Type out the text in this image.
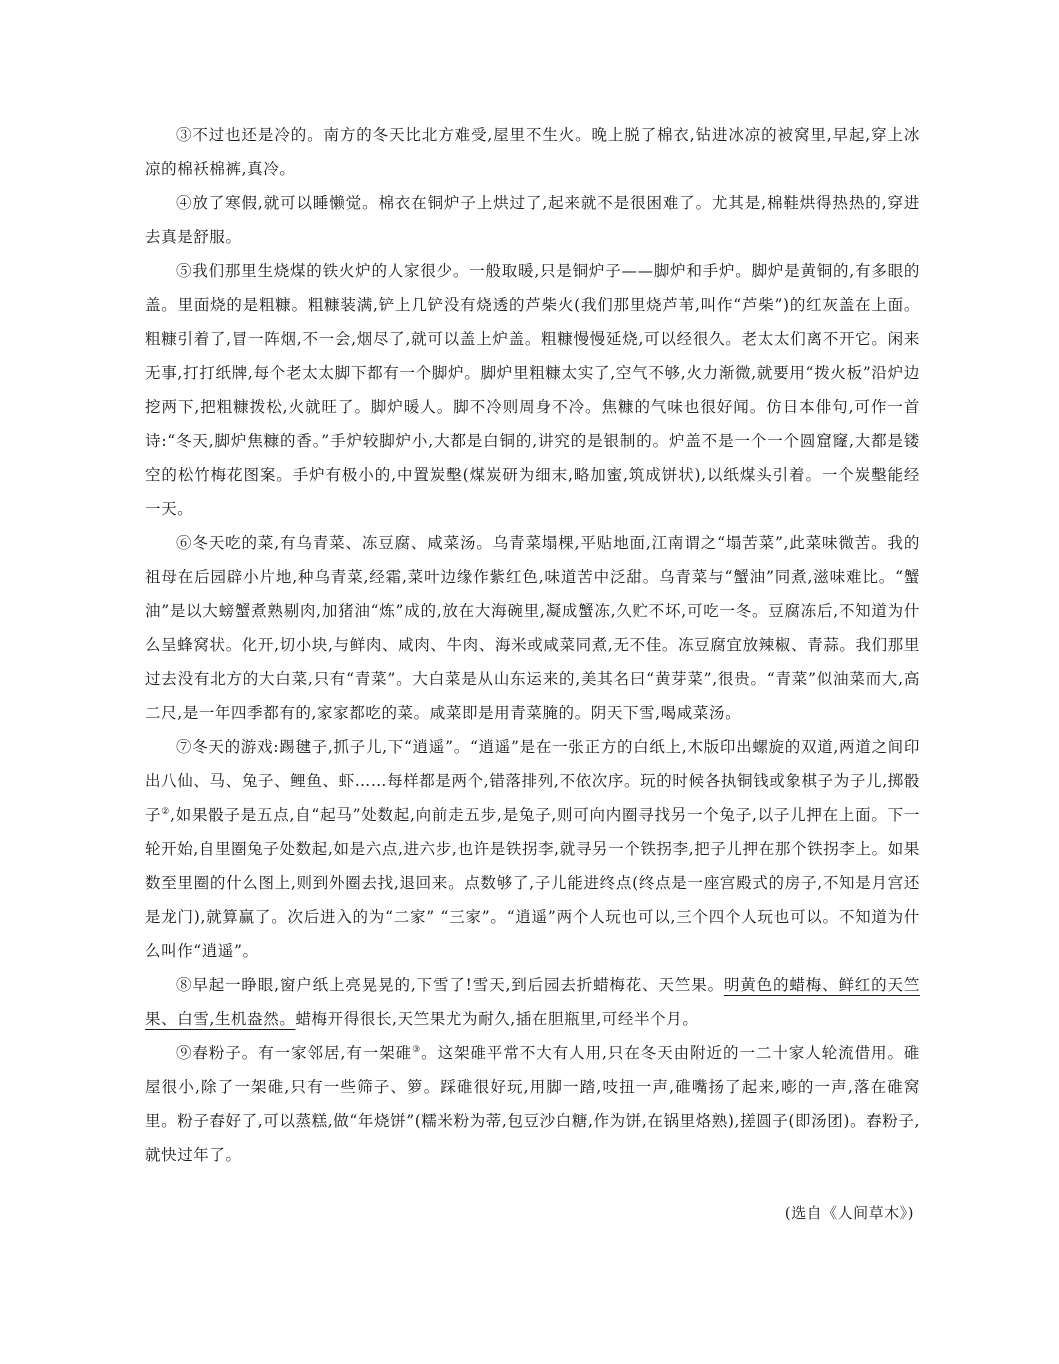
③不过也还是冷的。南方的冬天比北方难受,屋里不生火。晚上脱了棉衣,钻进冰凉的被窝里,早起,穿上冰凉的棉袄棉裤,真冷。

④放了寒假,就可以睡懒觉。棉衣在铜炉子上烘过了,起来就不是很困难了。尤其是,棉鞋烘得热热的,穿进去真是舒服。

⑤我们那里生烧煤的铁火炉的人家很少。一般取暖,只是铜炉子——脚炉和手炉。脚炉是黄铜的,有多眼的盖。里面烧的是粗糠。粗糠装满,铲上几铲没有烧透的芦柴火(我们那里烧芦苇,叫作“芦柴”)的红灰盖在上面。粗糠引着了,冒一阵烟,不一会,烟尽了,就可以盖上炉盖。粗糠慢慢延烧,可以经很久。老太太们离不开它。闲来无事,打打纸牌,每个老太太脚下都有一个脚炉。脚炉里粗糠太实了,空气不够,火力渐微,就要用“拨火板”沿炉边挖两下,把粗糠拨松,火就旺了。脚炉暖人。脚不冷则周身不冷。焦糠的气味也很好闻。仿日本俳句,可作一首诗:“冬天,脚炉焦糠的香。”手炉较脚炉小,大都是白铜的,讲究的是银制的。炉盖不是一个一个圆窟窿,大都是镂空的松竹梅花图案。手炉有极小的,中置炭墼(煤炭研为细末,略加蜜,筑成饼状),以纸煤头引着。一个炭墼能经一天。

⑥冬天吃的菜,有乌青菜、冻豆腐、咸菜汤。乌青菜塌棵,平贴地面,江南谓之“塌苦菜”,此菜味微苦。我的祖母在后园辟小片地,种乌青菜,经霜,菜叶边缘作紫红色,味道苦中泛甜。乌青菜与“蟹油”同煮,滋味难比。“蟹油”是以大螃蟹煮熟剔肉,加猪油“炼”成的,放在大海碗里,凝成蟹冻,久贮不坏,可吃一冬。豆腐冻后,不知道为什么呈蜂窝状。化开,切小块,与鲜肉、咸肉、牛肉、海米或咸菜同煮,无不佳。冻豆腐宜放辣椒、青蒜。我们那里过去没有北方的大白菜,只有“青菜”。大白菜是从山东运来的,美其名曰“黄芽菜”,很贵。“青菜”似油菜而大,高二尺,是一年四季都有的,家家都吃的菜。咸菜即是用青菜腌的。阴天下雪,喝咸菜汤。

⑦冬天的游戏:踢毽子,抓子儿,下“逍遥”。“逍遥”是在一张正方的白纸上,木版印出螺旋的双道,两道之间印出八仙、马、兔子、鲤鱼、虾……每样都是两个,错落排列,不依次序。玩的时候各执铜钱或象棋子为子儿,掷骰子②,如果骰子是五点,自“起马”处数起,向前走五步,是兔子,则可向内圈寻找另一个兔子,以子儿押在上面。下一轮开始,自里圈兔子处数起,如是六点,进六步,也许是铁拐李,就寻另一个铁拐李,把子儿押在那个铁拐李上。如果数至里圈的什么图上,则到外圈去找,退回来。点数够了,子儿能进终点(终点是一座宫殿式的房子,不知是月宫还是龙门),就算赢了。次后进入的为“二家” “三家”。“逍遥”两个人玩也可以,三个四个人玩也可以。不知道为什么叫作“逍遥”。

⑧早起一睁眼,窗户纸上亮晃晃的,下雪了!雪天,到后园去折蜡梅花、天竺果。明黄色的蜡梅、鲜红的天竺果、白雪,生机盎然。蜡梅开得很长,天竺果尤为耐久,插在胆瓶里,可经半个月。

⑨春粉子。有一家邻居,有一架碓③。这架碓平常不大有人用,只在冬天由附近的一二十家人轮流借用。碓屋很小,除了一架碓,只有一些筛子、箩。踩碓很好玩,用脚一踏,吱扭一声,碓嘴扬了起来,嘭的一声,落在碓窝里。粉子舂好了,可以蒸糕,做“年烧饼”(糯米粉为蒂,包豆沙白糖,作为饼,在锅里烙熟),搓圆子(即汤团)。舂粉子,就快过年了。

(选自《人间草木》)
